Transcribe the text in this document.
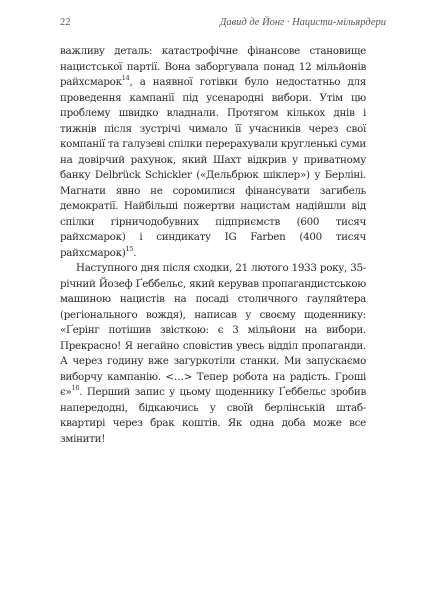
22	Давид де Йонг · Нацисти-мільярдери

важливу деталь: катастрофічне фінансове становище нацистської партії. Вона заборгувала понад 12 мільйонів райхсмарок$^{14}$, а наявної готівки було недостатньо для проведення кампанії під усенародні вибори. Утім цю проблему швидко владнали. Протягом кількох днів і тижнів після зустрічі чимало її учасників через свої компанії та галузеві спілки перерахували кругленькі суми на довірчий рахунок, який Шахт відкрив у приватному банку Delbrück Schickler («Дельбрюк шіклер») у Берліні. Магнати явно не соромилися фінансувати загибель демократії. Найбільші пожертви нацистам надійшли від спілки гірничодобувних підприємств (600 тисяч райхсмарок) і синдикату IG Farben (400 тисяч райхсмарок)$^{15}$.

Наступного дня після сходки, 21 лютого 1933 року, 35-річний Йозеф Ґеббельс, який керував пропагандистською машиною нацистів на посаді столичного гауляйтера (регіонального вождя), написав у своєму щоденнику: «Ґерінг потішив звісткою: є 3 мільйони на вибори. Прекрасно! Я негайно сповістив увесь відділ пропаганди. А через годину вже загуркотіли станки. Ми запускаємо виборчу кампанію. <…> Тепер робота на радість. Гроші є»$^{16}$. Перший запис у цьому щоденнику Ґеббельс зробив напередодні, бідкаючись у своїй берлінській штаб-квартирі через брак коштів. Як одна доба може все змінити!
